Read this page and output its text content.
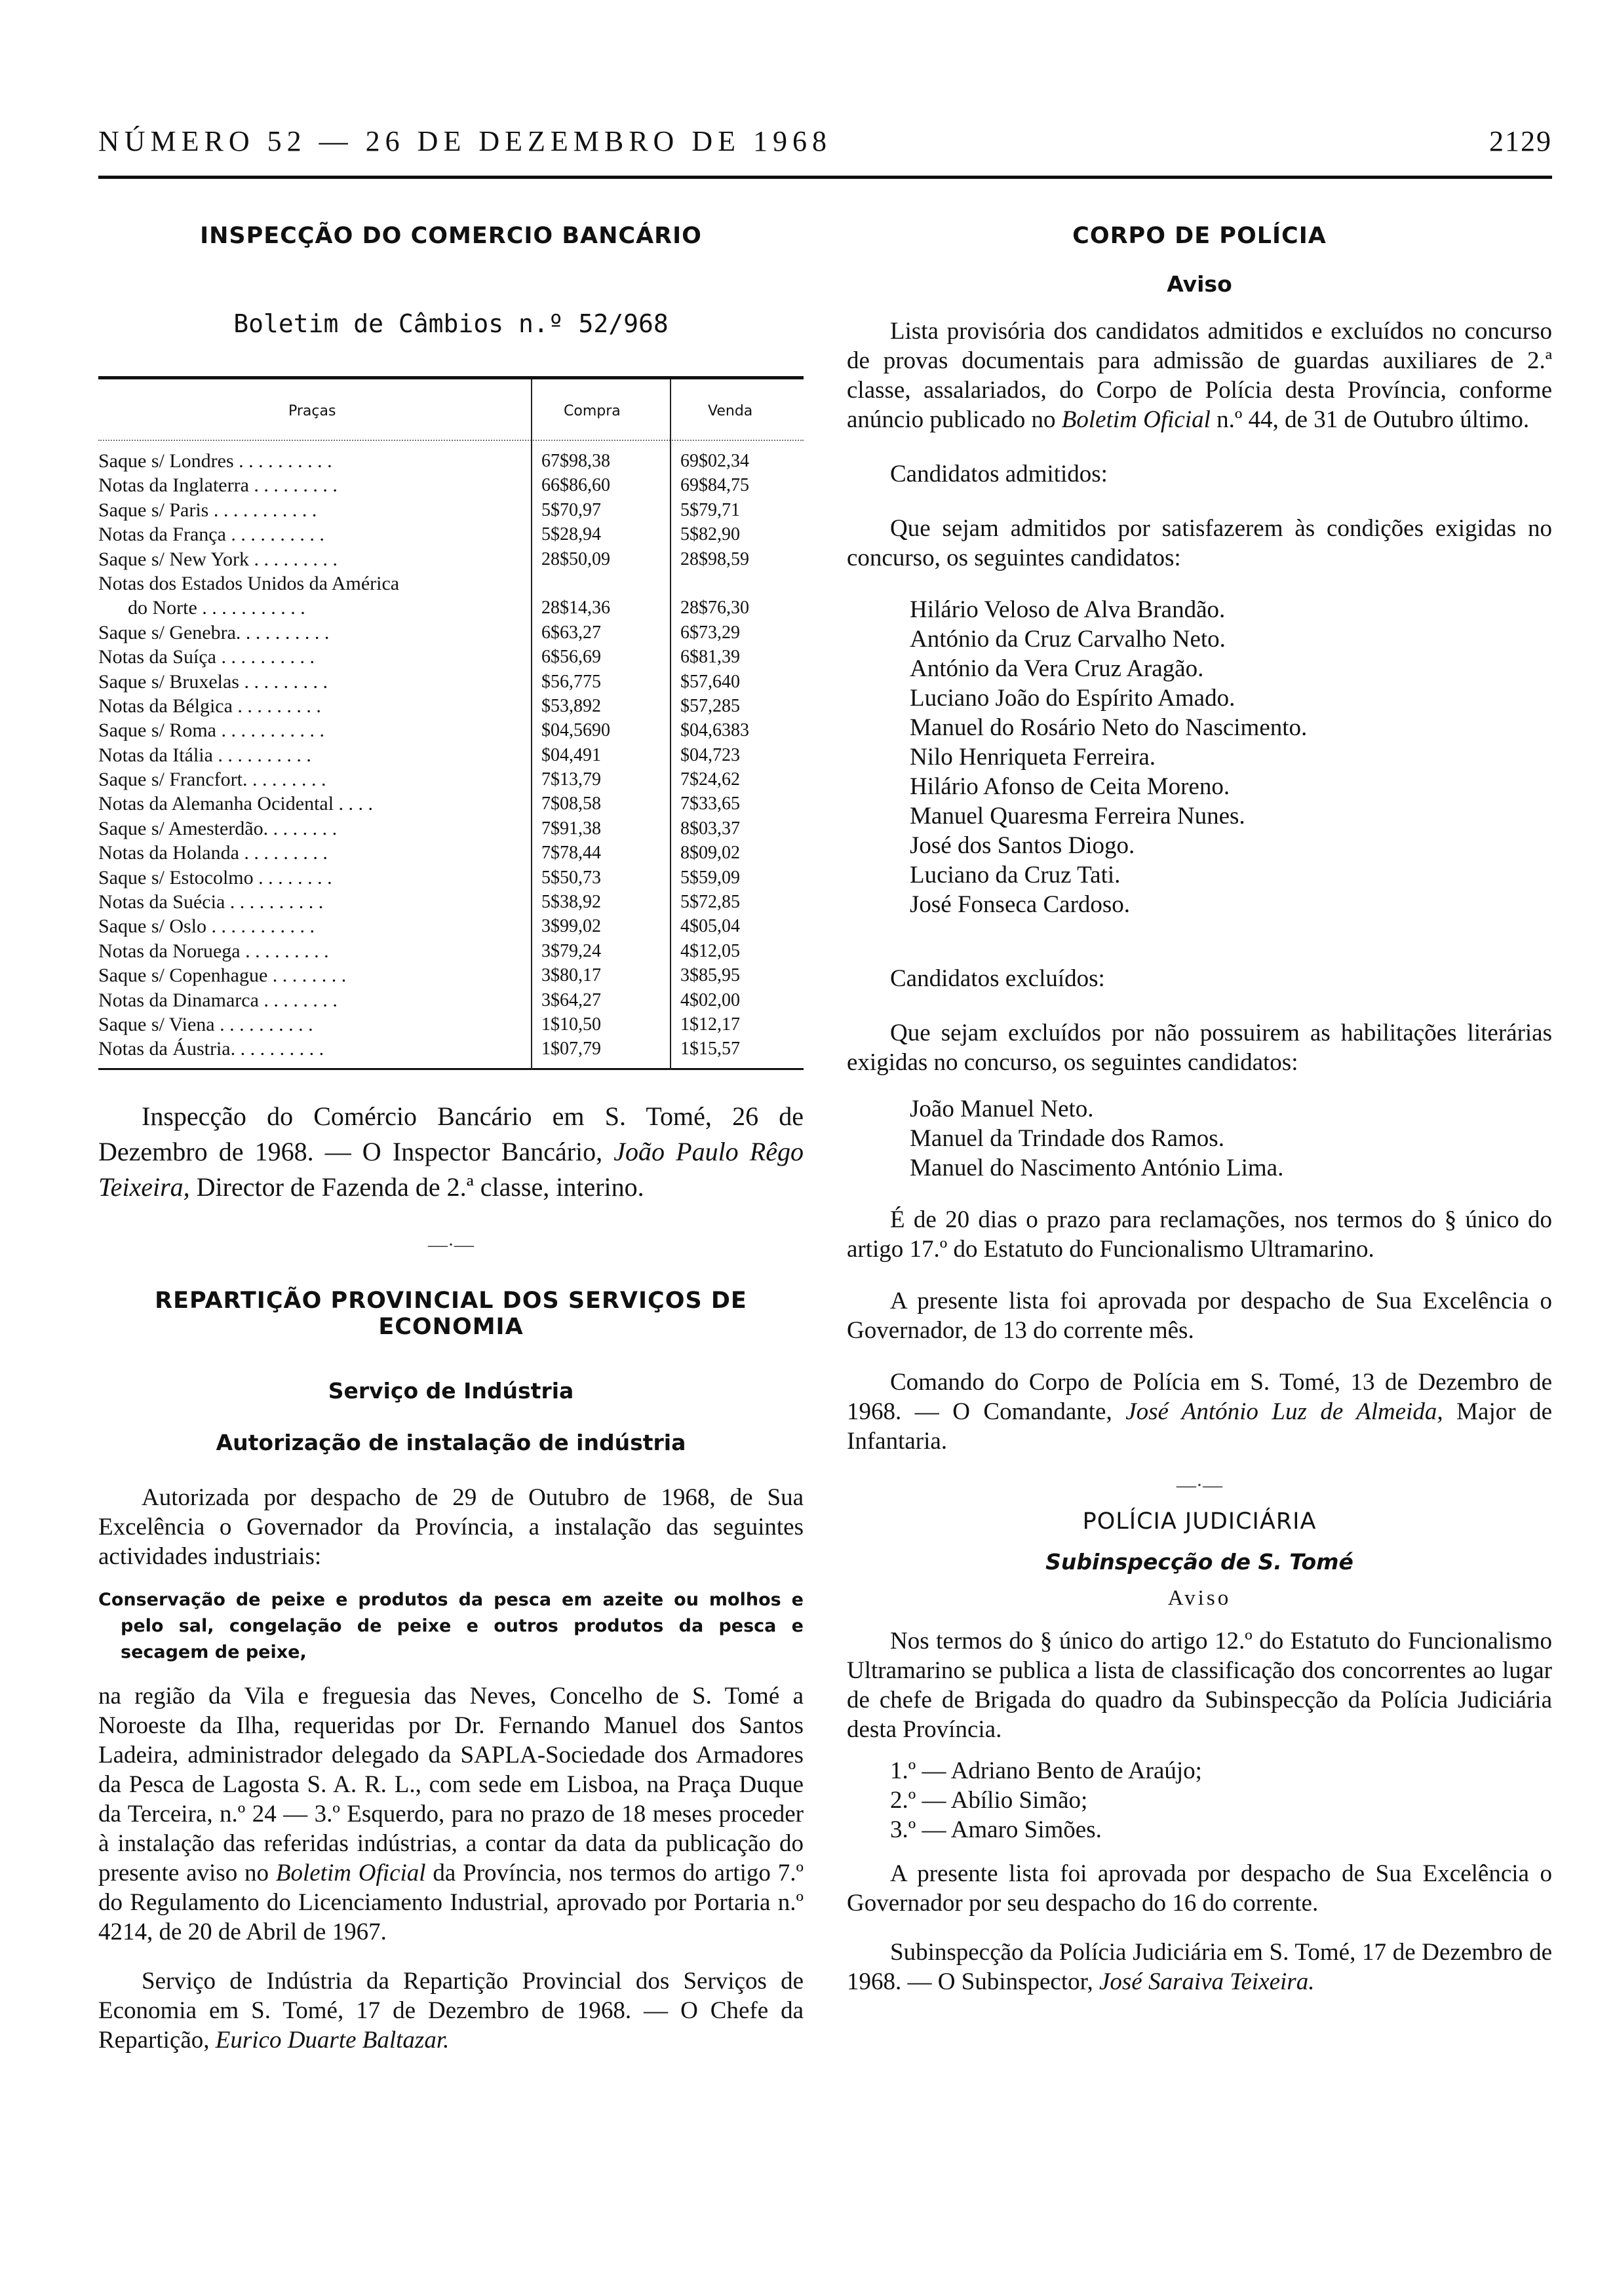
NÚMERO 52 — 26 DE DEZEMBRO DE 1968	2129
INSPECÇÃO DO COMERCIO BANCÁRIO
Boletim de Câmbios n.º 52/968
Praças	Compra	Venda
Saque s/ Londres . . . . . . . . . .	67$98,38	69$02,34
Notas da Inglaterra . . . . . . . . .	66$86,60	69$84,75
Saque s/ Paris . . . . . . . . . . .	5$70,97	5$79,71
Notas da França . . . . . . . . . .	5$28,94	5$82,90
Saque s/ New York . . . . . . . . .	28$50,09	28$98,59
Notas dos Estados Unidos da América
do Norte . . . . . . . . . . .	28$14,36	28$76,30
Saque s/ Genebra. . . . . . . . . .	6$63,27	6$73,29
Notas da Suíça . . . . . . . . . .	6$56,69	6$81,39
Saque s/ Bruxelas . . . . . . . . .	$56,775	$57,640
Notas da Bélgica . . . . . . . . .	$53,892	$57,285
Saque s/ Roma . . . . . . . . . . .	$04,5690	$04,6383
Notas da Itália . . . . . . . . . .	$04,491	$04,723
Saque s/ Francfort. . . . . . . . .	7$13,79	7$24,62
Notas da Alemanha Ocidental . . . .	7$08,58	7$33,65
Saque s/ Amesterdão. . . . . . . .	7$91,38	8$03,37
Notas da Holanda . . . . . . . . .	7$78,44	8$09,02
Saque s/ Estocolmo . . . . . . . .	5$50,73	5$59,09
Notas da Suécia . . . . . . . . . .	5$38,92	5$72,85
Saque s/ Oslo . . . . . . . . . . .	3$99,02	4$05,04
Notas da Noruega . . . . . . . . .	3$79,24	4$12,05
Saque s/ Copenhague . . . . . . . .	3$80,17	3$85,95
Notas da Dinamarca . . . . . . . .	3$64,27	4$02,00
Saque s/ Viena . . . . . . . . . .	1$10,50	1$12,17
Notas da Áustria. . . . . . . . . .	1$07,79	1$15,57

Inspecção do Comércio Bancário em S. Tomé, 26 de Dezembro de 1968. — O Inspector Bancário, João Paulo Rêgo Teixeira, Director de Fazenda de 2.ª classe, interino.

—·—
REPARTIÇÃO PROVINCIAL DOS SERVIÇOS DE ECONOMIA
Serviço de Indústria
Autorização de instalação de indústria

Autorizada por despacho de 29 de Outubro de 1968, de Sua Excelência o Governador da Província, a instalação das seguintes actividades industriais:

Conservação de peixe e produtos da pesca em azeite ou molhos e pelo sal, congelação de peixe e outros produtos da pesca e secagem de peixe,

na região da Vila e freguesia das Neves, Concelho de S. Tomé a Noroeste da Ilha, requeridas por Dr. Fernando Manuel dos Santos Ladeira, administrador delegado da SAPLA-Sociedade dos Armadores da Pesca de Lagosta S. A. R. L., com sede em Lisboa, na Praça Duque da Terceira, n.º 24 — 3.º Esquerdo, para no prazo de 18 meses proceder à instalação das referidas indústrias, a contar da data da publicação do presente aviso no Boletim Oficial da Província, nos termos do artigo 7.º do Regulamento do Licenciamento Industrial, aprovado por Portaria n.º 4214, de 20 de Abril de 1967.

Serviço de Indústria da Repartição Provincial dos Serviços de Economia em S. Tomé, 17 de Dezembro de 1968. — O Chefe da Repartição, Eurico Duarte Baltazar.

CORPO DE POLÍCIA
Aviso

Lista provisória dos candidatos admitidos e excluídos no concurso de provas documentais para admissão de guardas auxiliares de 2.ª classe, assalariados, do Corpo de Polícia desta Província, conforme anúncio publicado no Boletim Oficial n.º 44, de 31 de Outubro último.

Candidatos admitidos:

Que sejam admitidos por satisfazerem às condições exigidas no concurso, os seguintes candidatos:

Hilário Veloso de Alva Brandão.
António da Cruz Carvalho Neto.
António da Vera Cruz Aragão.
Luciano João do Espírito Amado.
Manuel do Rosário Neto do Nascimento.
Nilo Henriqueta Ferreira.
Hilário Afonso de Ceita Moreno.
Manuel Quaresma Ferreira Nunes.
José dos Santos Diogo.
Luciano da Cruz Tati.
José Fonseca Cardoso.

Candidatos excluídos:

Que sejam excluídos por não possuirem as habilitações literárias exigidas no concurso, os seguintes candidatos:

João Manuel Neto.
Manuel da Trindade dos Ramos.
Manuel do Nascimento António Lima.

É de 20 dias o prazo para reclamações, nos termos do § único do artigo 17.º do Estatuto do Funcionalismo Ultramarino.

A presente lista foi aprovada por despacho de Sua Excelência o Governador, de 13 do corrente mês.

Comando do Corpo de Polícia em S. Tomé, 13 de Dezembro de 1968. — O Comandante, José António Luz de Almeida, Major de Infantaria.

—·—
POLÍCIA JUDICIÁRIA
Subinspecção de S. Tomé
Aviso

Nos termos do § único do artigo 12.º do Estatuto do Funcionalismo Ultramarino se publica a lista de classificação dos concorrentes ao lugar de chefe de Brigada do quadro da Subinspecção da Polícia Judiciária desta Província.

1.º — Adriano Bento de Araújo;
2.º — Abílio Simão;
3.º — Amaro Simões.

A presente lista foi aprovada por despacho de Sua Excelência o Governador por seu despacho do 16 do corrente.

Subinspecção da Polícia Judiciária em S. Tomé, 17 de Dezembro de 1968. — O Subinspector, José Saraiva Teixeira.
